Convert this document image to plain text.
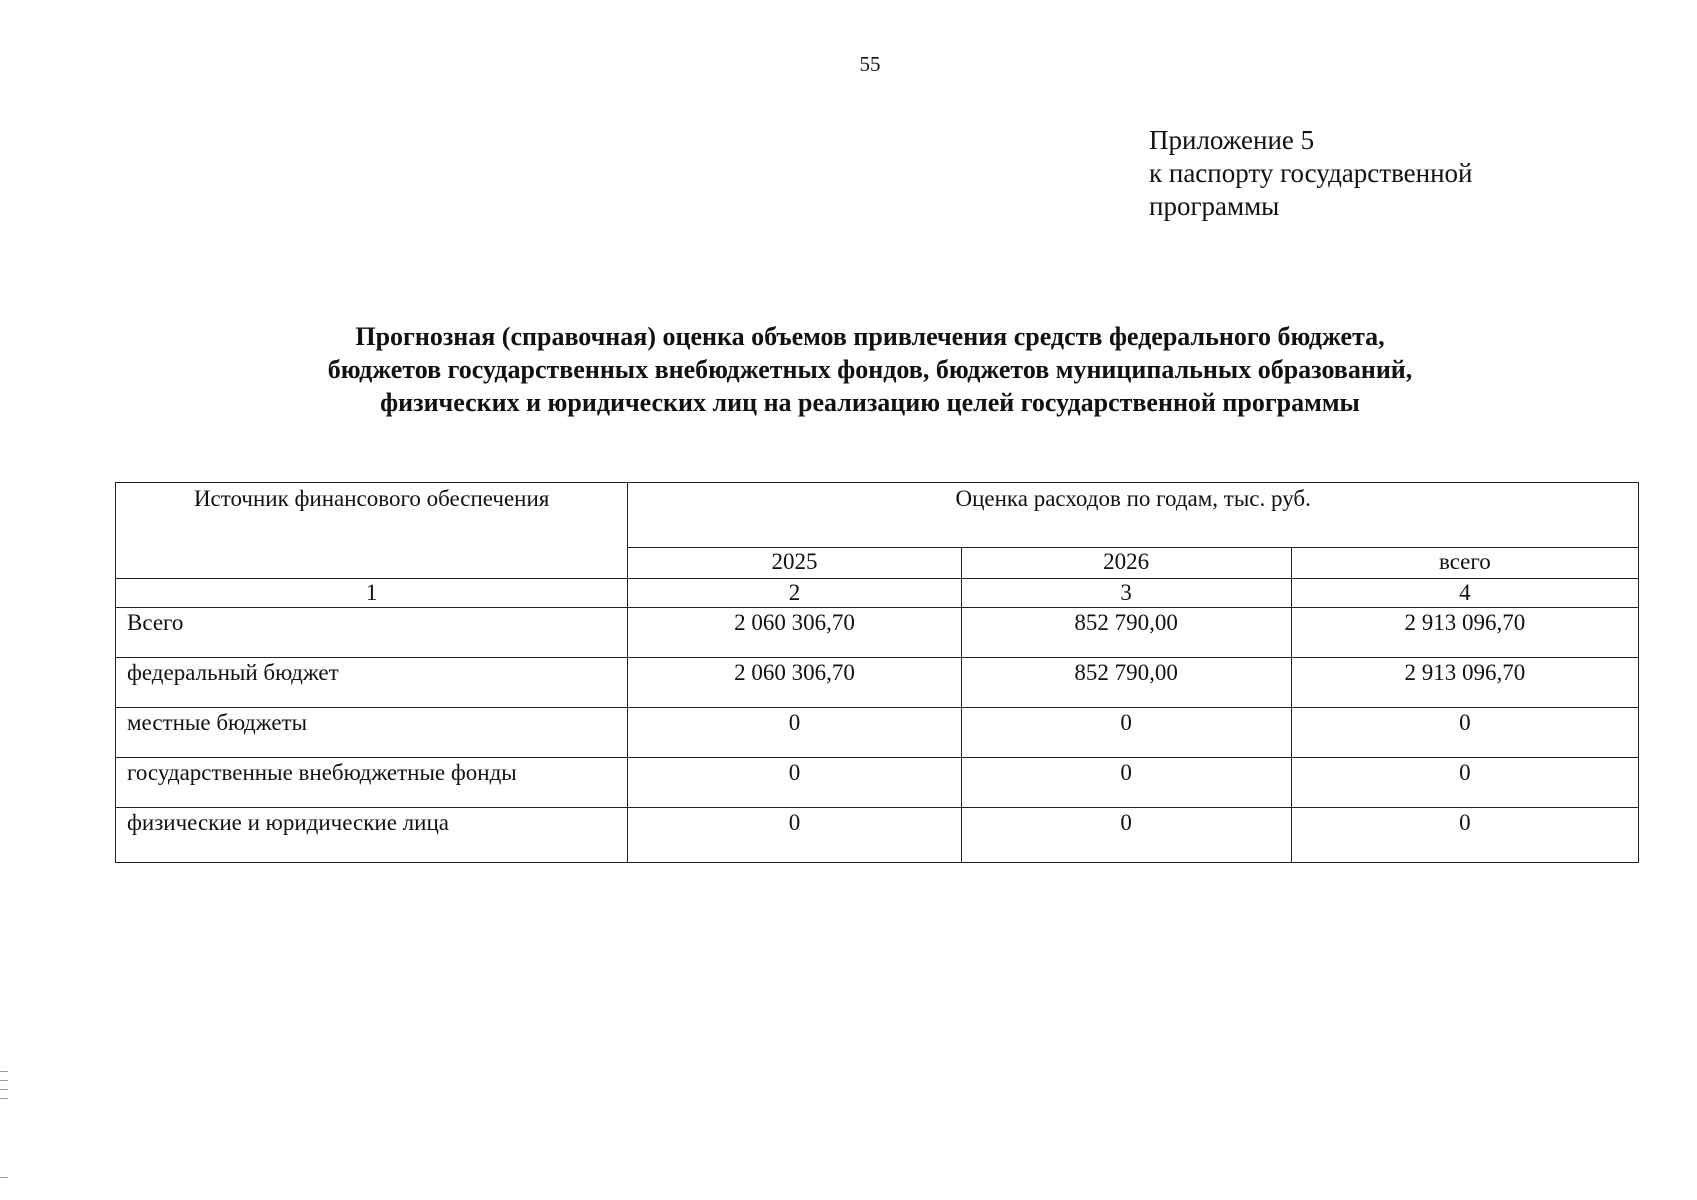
55
Приложение 5
к паспорту государственной
программы
Прогнозная (справочная) оценка объемов привлечения средств федерального бюджета,
бюджетов государственных внебюджетных фондов, бюджетов муниципальных образований,
физических и юридических лиц на реализацию целей государственной программы
Источник финансового обеспечения	Оценка расходов по годам, тыс. руб.		
	2025	2026	всего
1	2	3	4
Всего	2 060 306,70	852 790,00	2 913 096,70
федеральный бюджет	2 060 306,70	852 790,00	2 913 096,70
местные бюджеты	0	0	0
государственные внебюджетные фонды	0	0	0
физические и юридические лица	0	0	0
